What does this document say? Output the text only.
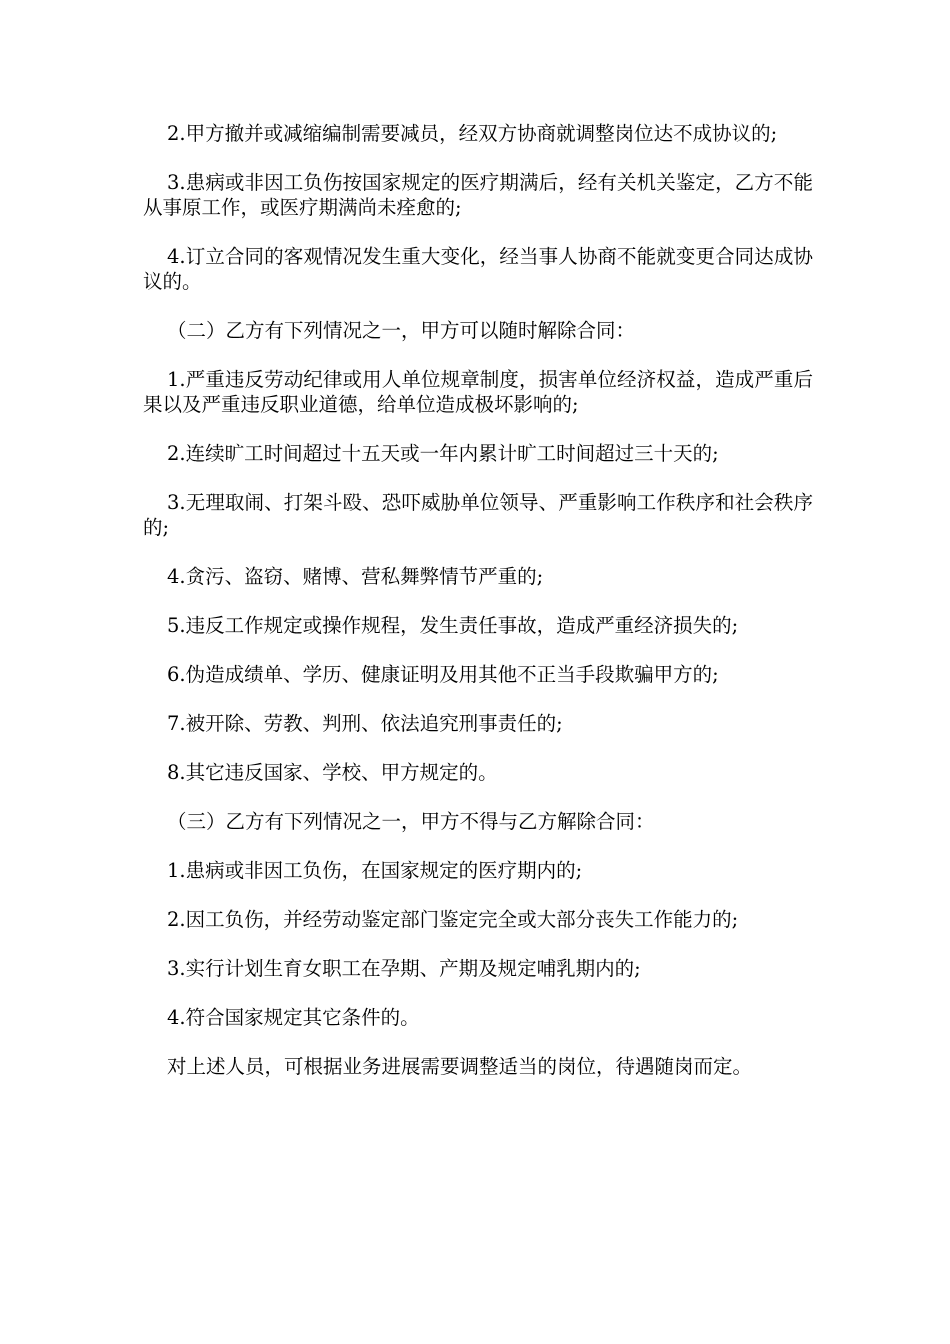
2.甲方撤并或减缩编制需要减员，经双方协商就调整岗位达不成协议的;

3.患病或非因工负伤按国家规定的医疗期满后，经有关机关鉴定，乙方不能从事原工作，或医疗期满尚未痊愈的;

4.订立合同的客观情况发生重大变化，经当事人协商不能就变更合同达成协议的。

（二）乙方有下列情况之一，甲方可以随时解除合同：

1.严重违反劳动纪律或用人单位规章制度，损害单位经济权益，造成严重后果以及严重违反职业道德，给单位造成极坏影响的;

2.连续旷工时间超过十五天或一年内累计旷工时间超过三十天的;

3.无理取闹、打架斗殴、恐吓威胁单位领导、严重影响工作秩序和社会秩序的;

4.贪污、盗窃、赌博、营私舞弊情节严重的;

5.违反工作规定或操作规程，发生责任事故，造成严重经济损失的;

6.伪造成绩单、学历、健康证明及用其他不正当手段欺骗甲方的;

7.被开除、劳教、判刑、依法追究刑事责任的;

8.其它违反国家、学校、甲方规定的。

（三）乙方有下列情况之一，甲方不得与乙方解除合同：

1.患病或非因工负伤，在国家规定的医疗期内的;

2.因工负伤，并经劳动鉴定部门鉴定完全或大部分丧失工作能力的;

3.实行计划生育女职工在孕期、产期及规定哺乳期内的;

4.符合国家规定其它条件的。

对上述人员，可根据业务进展需要调整适当的岗位，待遇随岗而定。
